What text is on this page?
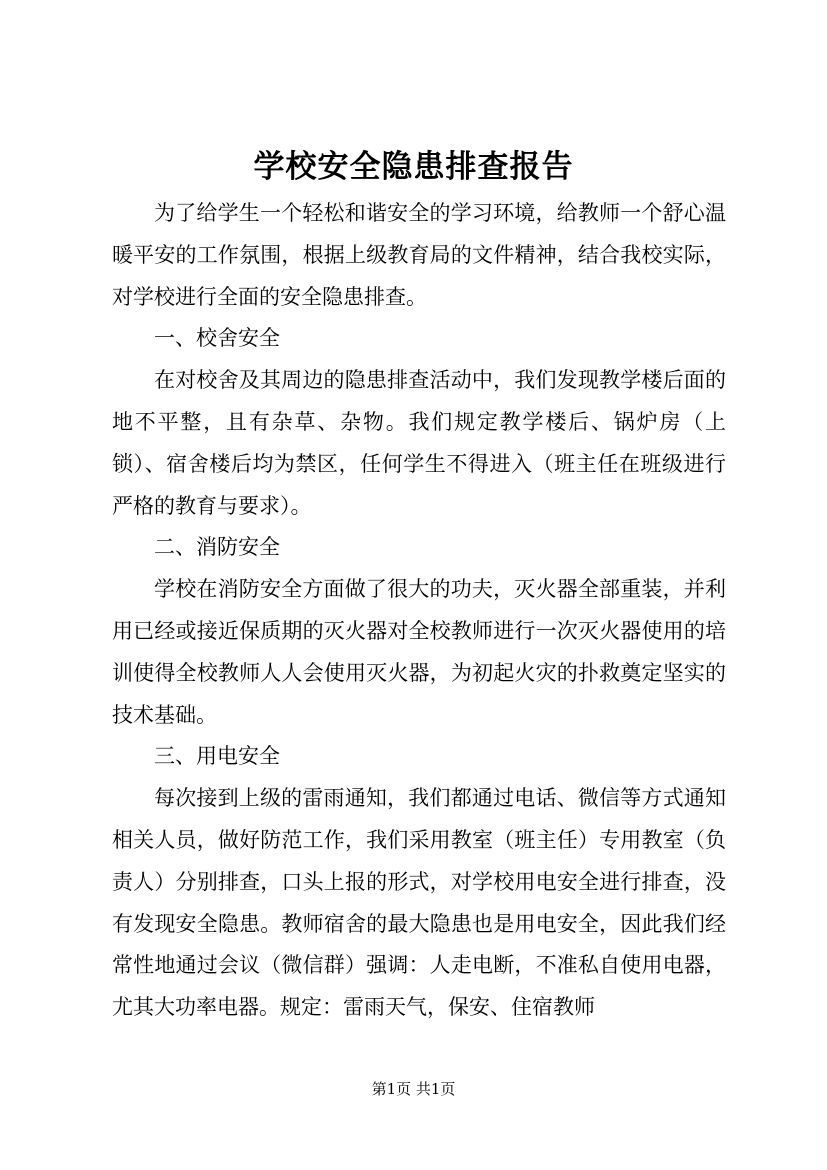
学校安全隐患排查报告

为了给学生一个轻松和谐安全的学习环境，给教师一个舒心温暖平安的工作氛围，根据上级教育局的文件精神，结合我校实际，对学校进行全面的安全隐患排查。

一、校舍安全

在对校舍及其周边的隐患排查活动中，我们发现教学楼后面的地不平整，且有杂草、杂物。我们规定教学楼后、锅炉房（上锁）、宿舍楼后均为禁区，任何学生不得进入（班主任在班级进行严格的教育与要求）。

二、消防安全

学校在消防安全方面做了很大的功夫，灭火器全部重装，并利用已经或接近保质期的灭火器对全校教师进行一次灭火器使用的培训使得全校教师人人会使用灭火器，为初起火灾的扑救奠定坚实的技术基础。

三、用电安全

每次接到上级的雷雨通知，我们都通过电话、微信等方式通知相关人员，做好防范工作，我们采用教室（班主任）专用教室（负责人）分别排查，口头上报的形式，对学校用电安全进行排查，没有发现安全隐患。教师宿舍的最大隐患也是用电安全，因此我们经常性地通过会议（微信群）强调：人走电断，不准私自使用电器，尤其大功率电器。规定：雷雨天气，保安、住宿教师

第1页 共1页
